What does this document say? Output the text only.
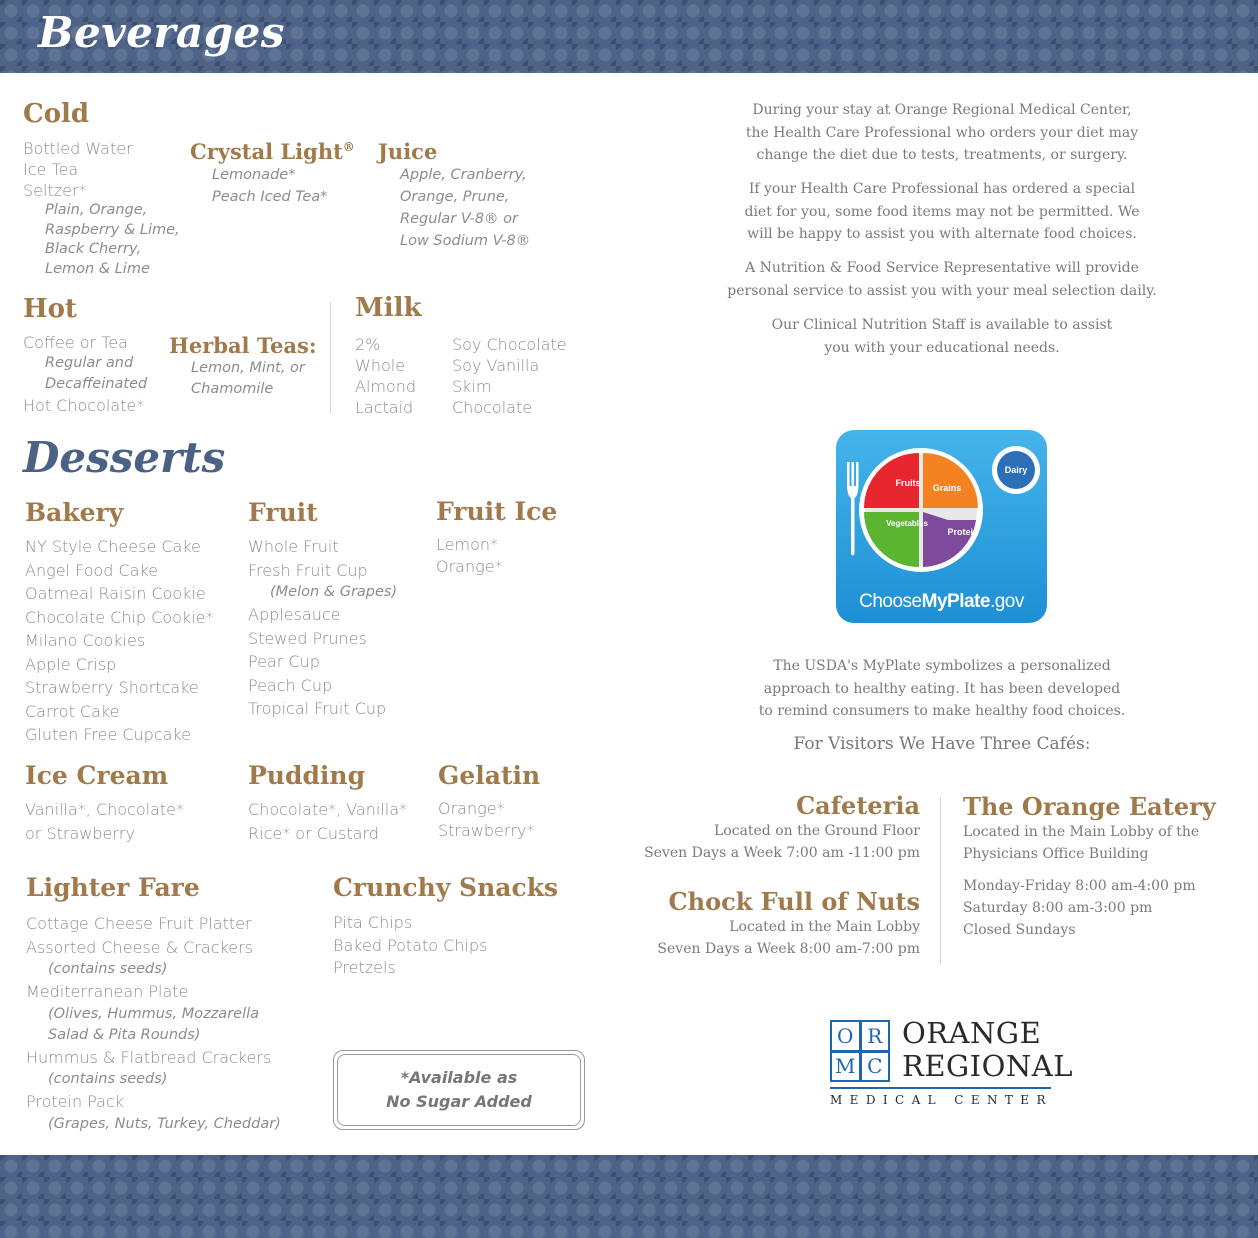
Beverages
Cold
Bottled Water
Ice Tea
Seltzer*
Plain, Orange,
Raspberry & Lime,
Black Cherry,
Lemon & Lime
Crystal Light®
Lemonade*
Peach Iced Tea*
Juice
Apple, Cranberry,
Orange, Prune,
Regular V-8® or
Low Sodium V-8®
Hot
Coffee or Tea
Regular and
Decaffeinated
Hot Chocolate*
Herbal Teas:
Lemon, Mint, or
Chamomile
Milk
2%
Whole
Almond
Lactaid
Soy Chocolate
Soy Vanilla
Skim
Chocolate
Desserts
Bakery
NY Style Cheese Cake
Angel Food Cake
Oatmeal Raisin Cookie
Chocolate Chip Cookie*
Milano Cookies
Apple Crisp
Strawberry Shortcake
Carrot Cake
Gluten Free Cupcake
Fruit
Whole Fruit
Fresh Fruit Cup
(Melon & Grapes)
Applesauce
Stewed Prunes
Pear Cup
Peach Cup
Tropical Fruit Cup
Fruit Ice
Lemon*
Orange*
Ice Cream
Vanilla*, Chocolate*
or Strawberry
Pudding
Chocolate*, Vanilla*
Rice* or Custard
Gelatin
Orange*
Strawberry*
Lighter Fare
Cottage Cheese Fruit Platter
Assorted Cheese & Crackers
(contains seeds)
Mediterranean Plate
(Olives, Hummus, Mozzarella
Salad & Pita Rounds)
Hummus & Flatbread Crackers
(contains seeds)
Protein Pack
(Grapes, Nuts, Turkey, Cheddar)
Crunchy Snacks
Pita Chips
Baked Potato Chips
Pretzels
*Available as
No Sugar Added

During your stay at Orange Regional Medical Center,
the Health Care Professional who orders your diet may
change the diet due to tests, treatments, or surgery.

If your Health Care Professional has ordered a special
diet for you, some food items may not be permitted. We
will be happy to assist you with alternate food choices.

A Nutrition & Food Service Representative will provide
personal service to assist you with your meal selection daily.

Our Clinical Nutrition Staff is available to assist
you with your educational needs.

Fruits Grains
Vegetables
Protein
Dairy
ChooseMyPlate.gov

The USDA's MyPlate symbolizes a personalized
approach to healthy eating. It has been developed
to remind consumers to make healthy food choices.

For Visitors We Have Three Cafés:

Cafeteria

Located on the Ground Floor

Seven Days a Week 7:00 am -11:00 pm

Chock Full of Nuts

Located in the Main Lobby

Seven Days a Week 8:00 am-7:00 pm

The Orange Eatery

Located in the Main Lobby of the

Physicians Office Building

Monday-Friday 8:00 am-4:00 pm

Saturday 8:00 am-3:00 pm

Closed Sundays

O R
M C

ORANGE

REGIONAL

MEDICAL CENTER
